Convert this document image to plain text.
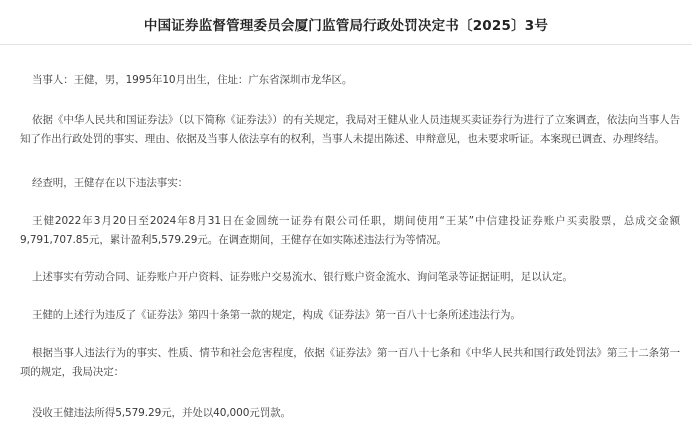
中国证券监督管理委员会厦门监管局行政处罚决定书〔2025〕3号
当事人：王健，男，1995年10月出生，住址：广东省深圳市龙华区。
依据《中华人民共和国证券法》（以下简称《证券法》）的有关规定，我局对王健从业人员违规买卖证券行为进行了立案调查，依法向当事人告知了作出行政处罚的事实、理由、依据及当事人依法享有的权利，当事人未提出陈述、申辩意见，也未要求听证。本案现已调查、办理终结。
经查明，王健存在以下违法事实：
王健2022年3月20日至2024年8月31日在金圆统一证券有限公司任职，期间使用“王某”中信建投证券账户买卖股票，总成交金额9,791,707.85元，累计盈利5,579.29元。在调查期间，王健存在如实陈述违法行为等情况。
上述事实有劳动合同、证券账户开户资料、证券账户交易流水、银行账户资金流水、询问笔录等证据证明，足以认定。
王健的上述行为违反了《证券法》第四十条第一款的规定，构成《证券法》第一百八十七条所述违法行为。
根据当事人违法行为的事实、性质、情节和社会危害程度，依据《证券法》第一百八十七条和《中华人民共和国行政处罚法》第三十二条第一项的规定，我局决定：
没收王健违法所得5,579.29元，并处以40,000元罚款。
